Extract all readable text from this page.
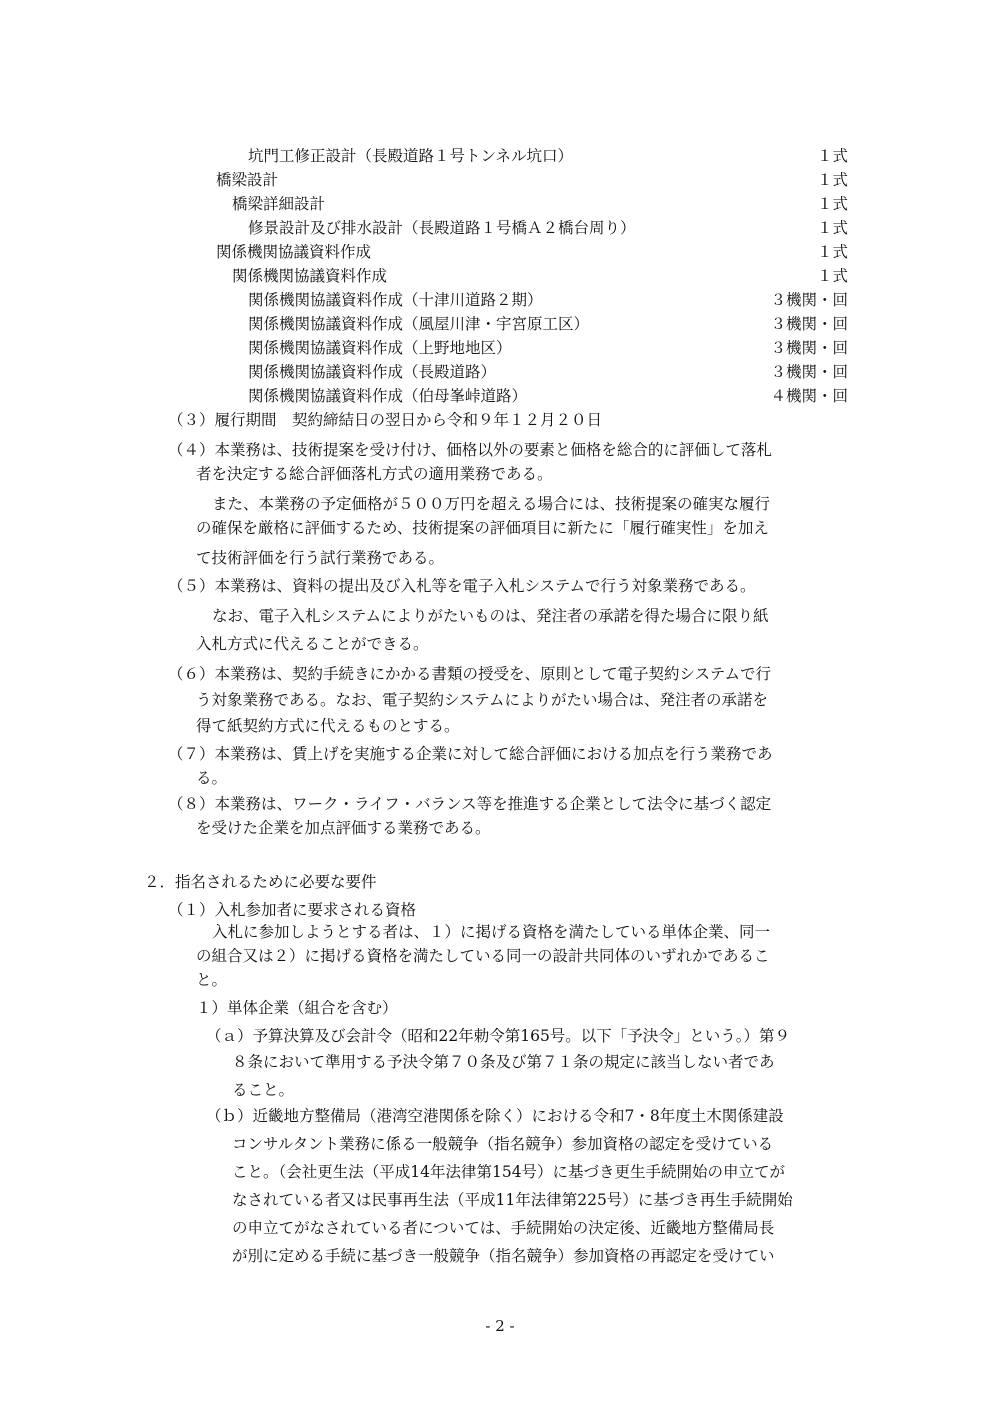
坑門工修正設計（長殿道路１号トンネル坑口）	１式
橋梁設計	１式
橋梁詳細設計	１式
修景設計及び排水設計（長殿道路１号橋Ａ２橋台周り）	１式
関係機関協議資料作成	１式
関係機関協議資料作成	１式
関係機関協議資料作成（十津川道路２期）	３機関・回
関係機関協議資料作成（風屋川津・宇宮原工区）	３機関・回
関係機関協議資料作成（上野地地区）	３機関・回
関係機関協議資料作成（長殿道路）	３機関・回
関係機関協議資料作成（伯母峯峠道路）	４機関・回
（３）履行期間　契約締結日の翌日から令和９年１２月２０日
（４）本業務は、技術提案を受け付け、価格以外の要素と価格を総合的に評価して落札
者を決定する総合評価落札方式の適用業務である。
また、本業務の予定価格が５００万円を超える場合には、技術提案の確実な履行
の確保を厳格に評価するため、技術提案の評価項目に新たに「履行確実性」を加え
て技術評価を行う試行業務である。
（５）本業務は、資料の提出及び入札等を電子入札システムで行う対象業務である。
なお、電子入札システムによりがたいものは、発注者の承諾を得た場合に限り紙
入札方式に代えることができる。
（６）本業務は、契約手続きにかかる書類の授受を、原則として電子契約システムで行
う対象業務である。なお、電子契約システムによりがたい場合は、発注者の承諾を
得て紙契約方式に代えるものとする。
（７）本業務は、賃上げを実施する企業に対して総合評価における加点を行う業務であ
る。
（８）本業務は、ワーク・ライフ・バランス等を推進する企業として法令に基づく認定
を受けた企業を加点評価する業務である。
２．指名されるために必要な要件
（１）入札参加者に要求される資格
入札に参加しようとする者は、１）に掲げる資格を満たしている単体企業、同一
の組合又は２）に掲げる資格を満たしている同一の設計共同体のいずれかであるこ
と。
１）単体企業（組合を含む）
（ａ）予算決算及び会計令（昭和22年勅令第165号。以下「予決令」という。）第９
８条において準用する予決令第７０条及び第７１条の規定に該当しない者であ
ること。
（ｂ）近畿地方整備局（港湾空港関係を除く）における令和7・8年度土木関係建設
コンサルタント業務に係る一般競争（指名競争）参加資格の認定を受けている
こと。（会社更生法（平成14年法律第154号）に基づき更生手続開始の申立てが
なされている者又は民事再生法（平成11年法律第225号）に基づき再生手続開始
の申立てがなされている者については、手続開始の決定後、近畿地方整備局長
が別に定める手続に基づき一般競争（指名競争）参加資格の再認定を受けてい
- 2 -
